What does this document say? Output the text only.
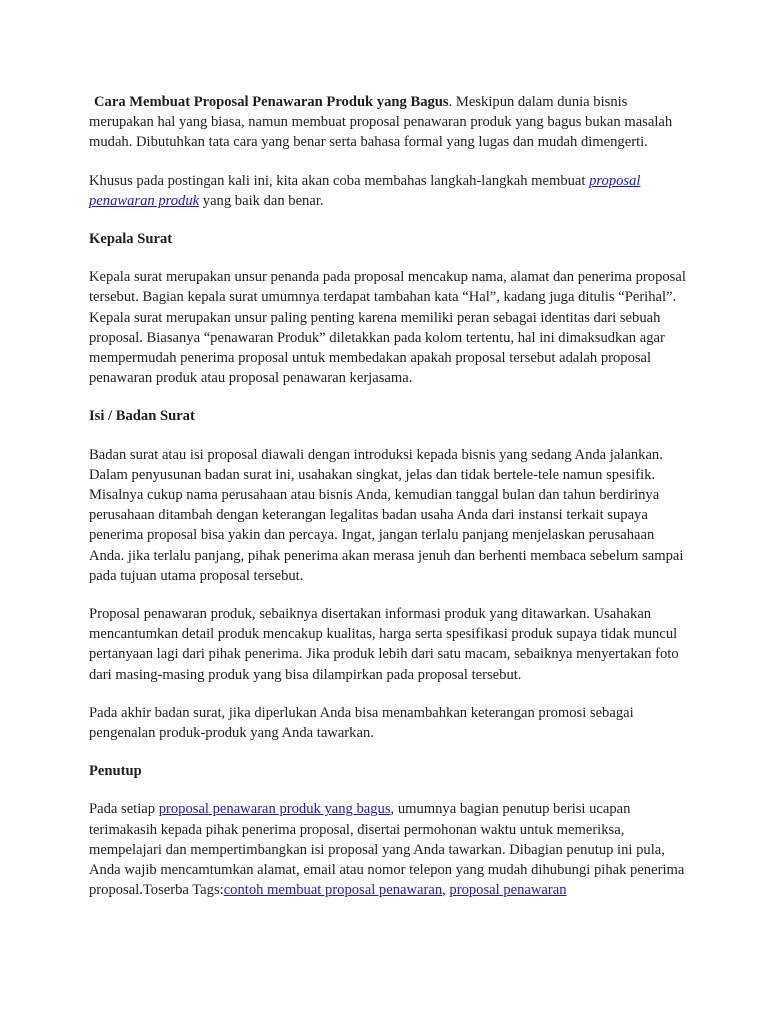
Cara Membuat Proposal Penawaran Produk yang Bagus. Meskipun dalam dunia bisnis merupakan hal yang biasa, namun membuat proposal penawaran produk yang bagus bukan masalah mudah. Dibutuhkan tata cara yang benar serta bahasa formal yang lugas dan mudah dimengerti.

Khusus pada postingan kali ini, kita akan coba membahas langkah-langkah membuat proposal penawaran produk yang baik dan benar.

Kepala Surat

Kepala surat merupakan unsur penanda pada proposal mencakup nama, alamat dan penerima proposal tersebut. Bagian kepala surat umumnya terdapat tambahan kata “Hal”, kadang juga ditulis “Perihal”. Kepala surat merupakan unsur paling penting karena memiliki peran sebagai identitas dari sebuah proposal. Biasanya “penawaran Produk” diletakkan pada kolom tertentu, hal ini dimaksudkan agar mempermudah penerima proposal untuk membedakan apakah proposal tersebut adalah proposal penawaran produk atau proposal penawaran kerjasama.

Isi / Badan Surat

Badan surat atau isi proposal diawali dengan introduksi kepada bisnis yang sedang Anda jalankan. Dalam penyusunan badan surat ini, usahakan singkat, jelas dan tidak bertele-tele namun spesifik. Misalnya cukup nama perusahaan atau bisnis Anda, kemudian tanggal bulan dan tahun berdirinya perusahaan ditambah dengan keterangan legalitas badan usaha Anda dari instansi terkait supaya penerima proposal bisa yakin dan percaya. Ingat, jangan terlalu panjang menjelaskan perusahaan Anda. jika terlalu panjang, pihak penerima akan merasa jenuh dan berhenti membaca sebelum sampai pada tujuan utama proposal tersebut.

Proposal penawaran produk, sebaiknya disertakan informasi produk yang ditawarkan. Usahakan mencantumkan detail produk mencakup kualitas, harga serta spesifikasi produk supaya tidak muncul pertanyaan lagi dari pihak penerima. Jika produk lebih dari satu macam, sebaiknya menyertakan foto dari masing-masing produk yang bisa dilampirkan pada proposal tersebut.

Pada akhir badan surat, jika diperlukan Anda bisa menambahkan keterangan promosi sebagai pengenalan produk-produk yang Anda tawarkan.

Penutup

Pada setiap proposal penawaran produk yang bagus, umumnya bagian penutup berisi ucapan terimakasih kepada pihak penerima proposal, disertai permohonan waktu untuk memeriksa, mempelajari dan mempertimbangkan isi proposal yang Anda tawarkan. Dibagian penutup ini pula, Anda wajib mencamtumkan alamat, email atau nomor telepon yang mudah dihubungi pihak penerima proposal.Toserba Tags:contoh membuat proposal penawaran, proposal penawaran
